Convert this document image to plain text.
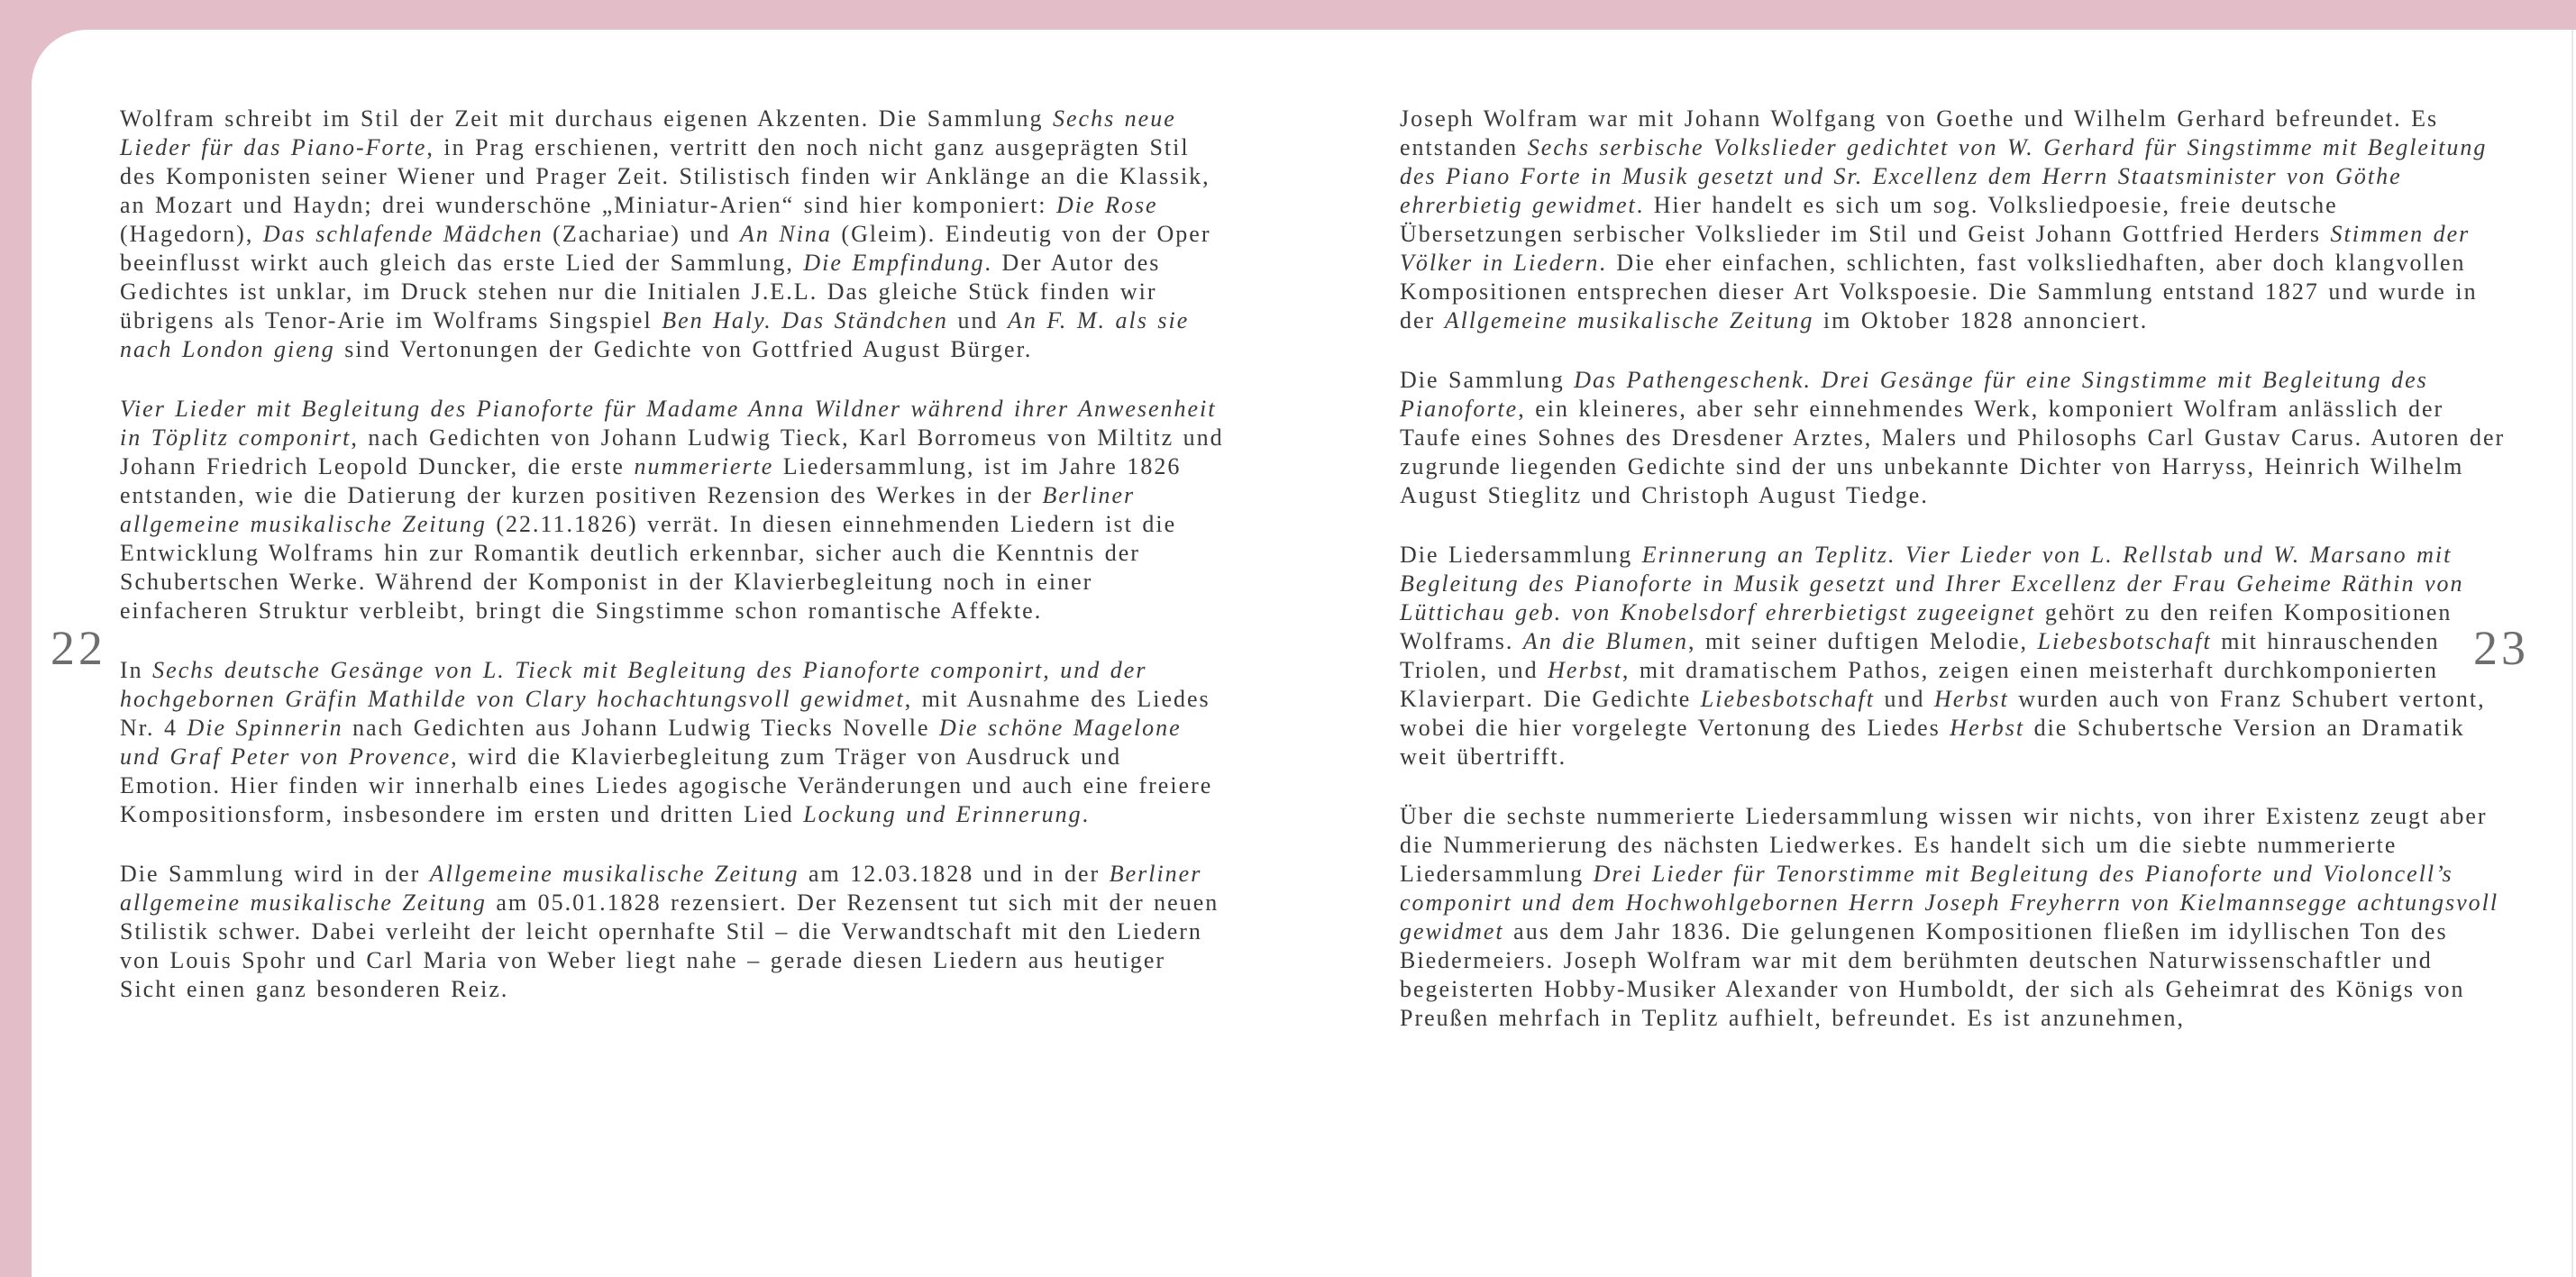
22	23

Wolfram schreibt im Stil der Zeit mit durchaus eigenen Akzenten. Die Sammlung Sechs neue Lieder für das Piano-Forte, in Prag erschienen, vertritt den noch nicht ganz ausgeprägten Stil des Komponisten seiner Wiener und Prager Zeit. Stilistisch finden wir Anklänge an die Klassik, an Mozart und Haydn; drei wunderschöne „Miniatur-Arien“ sind hier komponiert: Die Rose (Hagedorn), Das schlafende Mädchen (Zachariae) und An Nina (Gleim). Eindeutig von der Oper beeinflusst wirkt auch gleich das erste Lied der Sammlung, Die Empfindung. Der Autor des Gedichtes ist unklar, im Druck stehen nur die Initialen J.E.L. Das gleiche Stück finden wir übrigens als Tenor-Arie im Wolframs Singspiel Ben Haly. Das Ständchen und An F. M. als sie nach London gieng sind Vertonungen der Gedichte von Gottfried August Bürger.

Vier Lieder mit Begleitung des Pianoforte für Madame Anna Wildner während ihrer Anwesenheit in Töplitz componirt, nach Gedichten von Johann Ludwig Tieck, Karl Borromeus von Miltitz und Johann Friedrich Leopold Duncker, die erste nummerierte Liedersammlung, ist im Jahre 1826 entstanden, wie die Datierung der kurzen positiven Rezension des Werkes in der Berliner allgemeine musikalische Zeitung (22.11.1826) verrät. In diesen einnehmenden Liedern ist die Entwicklung Wolframs hin zur Romantik deutlich erkennbar, sicher auch die Kenntnis der Schubertschen Werke. Während der Komponist in der Klavierbegleitung noch in einer einfacheren Struktur verbleibt, bringt die Singstimme schon romantische Affekte.

In Sechs deutsche Gesänge von L. Tieck mit Begleitung des Pianoforte componirt, und der hochgebornen Gräfin Mathilde von Clary hochachtungsvoll gewidmet, mit Ausnahme des Liedes Nr. 4 Die Spinnerin nach Gedichten aus Johann Ludwig Tiecks Novelle Die schöne Magelone und Graf Peter von Provence, wird die Klavierbegleitung zum Träger von Ausdruck und Emotion. Hier finden wir innerhalb eines Liedes agogische Veränderungen und auch eine freiere Kompositionsform, insbesondere im ersten und dritten Lied Lockung und Erinnerung.

Die Sammlung wird in der Allgemeine musikalische Zeitung am 12.03.1828 und in der Berliner allgemeine musikalische Zeitung am 05.01.1828 rezensiert. Der Rezensent tut sich mit der neuen Stilistik schwer. Dabei verleiht der leicht opernhafte Stil – die Verwandtschaft mit den Liedern von Louis Spohr und Carl Maria von Weber liegt nahe – gerade diesen Liedern aus heutiger Sicht einen ganz besonderen Reiz.

Joseph Wolfram war mit Johann Wolfgang von Goethe und Wilhelm Gerhard befreundet. Es entstanden Sechs serbische Volkslieder gedichtet von W. Gerhard für Singstimme mit Begleitung des Piano Forte in Musik gesetzt und Sr. Excellenz dem Herrn Staatsminister von Göthe ehrerbietig gewidmet. Hier handelt es sich um sog. Volksliedpoesie, freie deutsche Übersetzungen serbischer Volkslieder im Stil und Geist Johann Gottfried Herders Stimmen der Völker in Liedern. Die eher einfachen, schlichten, fast volksliedhaften, aber doch klangvollen Kompositionen entsprechen dieser Art Volkspoesie. Die Sammlung entstand 1827 und wurde in der Allgemeine musikalische Zeitung im Oktober 1828 annonciert.

Die Sammlung Das Pathengeschenk. Drei Gesänge für eine Singstimme mit Begleitung des Pianoforte, ein kleineres, aber sehr einnehmendes Werk, komponiert Wolfram anlässlich der Taufe eines Sohnes des Dresdener Arztes, Malers und Philosophs Carl Gustav Carus. Autoren der zugrunde liegenden Gedichte sind der uns unbekannte Dichter von Harryss, Heinrich Wilhelm August Stieglitz und Christoph August Tiedge.

Die Liedersammlung Erinnerung an Teplitz. Vier Lieder von L. Rellstab und W. Marsano mit Begleitung des Pianoforte in Musik gesetzt und Ihrer Excellenz der Frau Geheime Räthin von Lüttichau geb. von Knobelsdorf ehrerbietigst zugeeignet gehört zu den reifen Kompositionen Wolframs. An die Blumen, mit seiner duftigen Melodie, Liebesbotschaft mit hinrauschenden Triolen, und Herbst, mit dramatischem Pathos, zeigen einen meisterhaft durchkomponierten Klavierpart. Die Gedichte Liebesbotschaft und Herbst wurden auch von Franz Schubert vertont, wobei die hier vorgelegte Vertonung des Liedes Herbst die Schubertsche Version an Dramatik weit übertrifft.

Über die sechste nummerierte Liedersammlung wissen wir nichts, von ihrer Existenz zeugt aber die Nummerierung des nächsten Liedwerkes. Es handelt sich um die siebte nummerierte Liedersammlung Drei Lieder für Tenorstimme mit Begleitung des Pianoforte und Violoncell’s componirt und dem Hochwohlgebornen Herrn Joseph Freyherrn von Kielmannsegge achtungsvoll gewidmet aus dem Jahr 1836. Die gelungenen Kompositionen fließen im idyllischen Ton des Biedermeiers. Joseph Wolfram war mit dem berühmten deutschen Naturwissenschaftler und begeisterten Hobby-Musiker Alexander von Humboldt, der sich als Geheimrat des Königs von Preußen mehrfach in Teplitz aufhielt, befreundet. Es ist anzunehmen,
